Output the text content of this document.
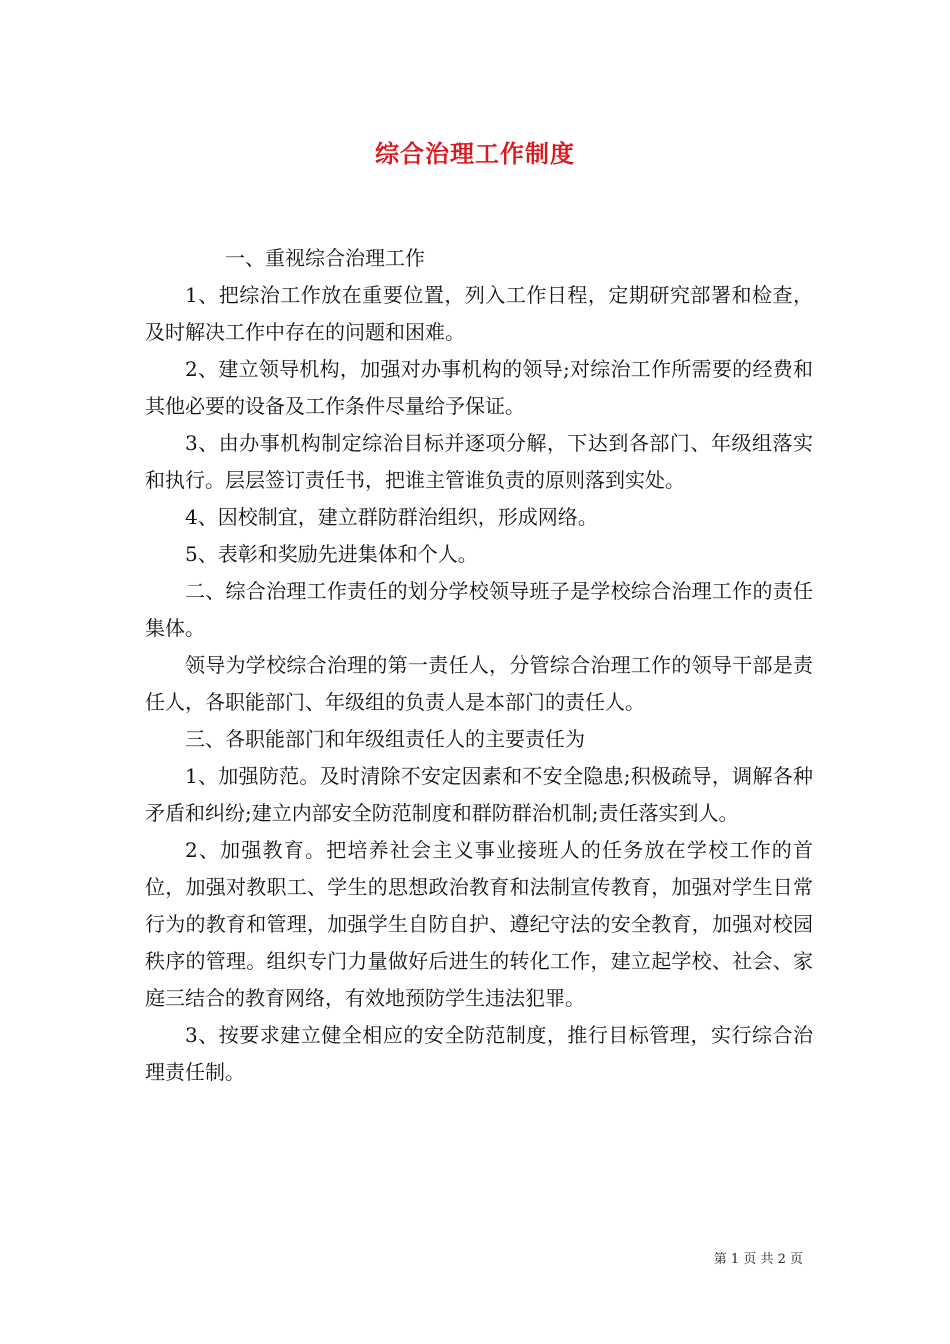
综合治理工作制度

一、重视综合治理工作

1、把综治工作放在重要位置，列入工作日程，定期研究部署和检查，及时解决工作中存在的问题和困难。

2、建立领导机构，加强对办事机构的领导;对综治工作所需要的经费和其他必要的设备及工作条件尽量给予保证。

3、由办事机构制定综治目标并逐项分解，下达到各部门、年级组落实和执行。层层签订责任书，把谁主管谁负责的原则落到实处。

4、因校制宜，建立群防群治组织，形成网络。

5、表彰和奖励先进集体和个人。

二、综合治理工作责任的划分学校领导班子是学校综合治理工作的责任集体。

领导为学校综合治理的第一责任人，分管综合治理工作的领导干部是责任人，各职能部门、年级组的负责人是本部门的责任人。

三、各职能部门和年级组责任人的主要责任为

1、加强防范。及时清除不安定因素和不安全隐患;积极疏导，调解各种矛盾和纠纷;建立内部安全防范制度和群防群治机制;责任落实到人。

2、加强教育。把培养社会主义事业接班人的任务放在学校工作的首位，加强对教职工、学生的思想政治教育和法制宣传教育，加强对学生日常行为的教育和管理，加强学生自防自护、遵纪守法的安全教育，加强对校园秩序的管理。组织专门力量做好后进生的转化工作，建立起学校、社会、家庭三结合的教育网络，有效地预防学生违法犯罪。

3、按要求建立健全相应的安全防范制度，推行目标管理，实行综合治理责任制。

第 1 页 共 2 页
